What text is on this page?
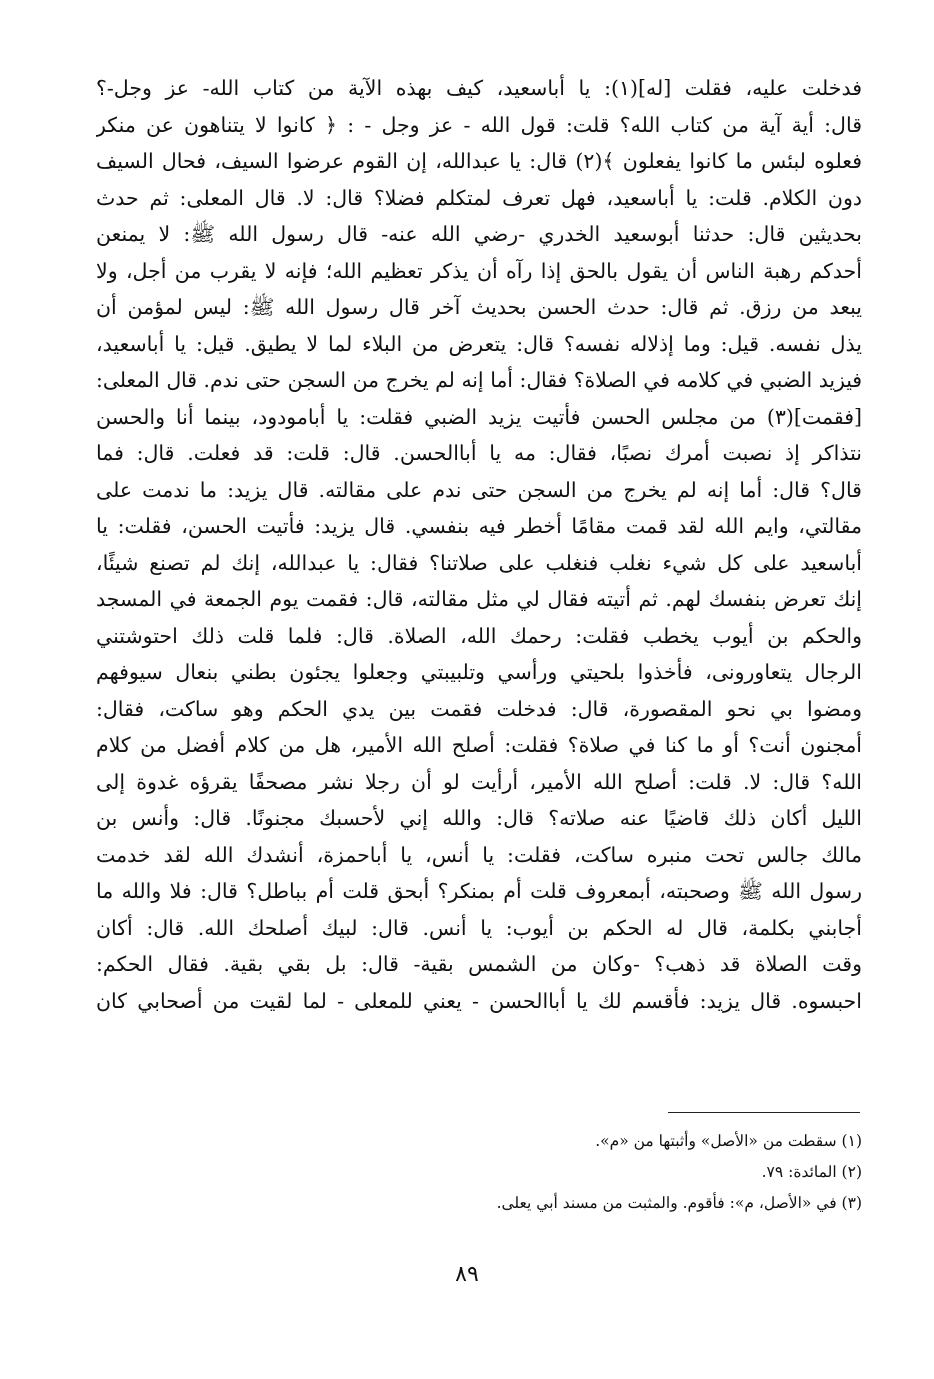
فدخلت عليه، فقلت [له](١): يا أباسعيد، كيف بهذه الآية من كتاب الله- عز وجل-؟
قال: أية آية من كتاب الله؟ قلت: قول الله - عز وجل - : ﴿ كانوا لا يتناهون عن منكر
فعلوه لبئس ما كانوا يفعلون ﴾(٢) قال: يا عبدالله، إن القوم عرضوا السيف، فحال السيف
دون الكلام. قلت: يا أباسعيد، فهل تعرف لمتكلم فضلا؟ قال: لا. قال المعلى: ثم حدث
بحديثين قال: حدثنا أبوسعيد الخدري -رضي الله عنه- قال رسول الله ﷺ: لا يمنعن
أحدكم رهبة الناس أن يقول بالحق إذا رآه أن يذكر تعظيم الله؛ فإنه لا يقرب من أجل، ولا
يبعد من رزق. ثم قال: حدث الحسن بحديث آخر قال رسول الله ﷺ: ليس لمؤمن أن
يذل نفسه. قيل: وما إذلاله نفسه؟ قال: يتعرض من البلاء لما لا يطيق. قيل: يا أباسعيد،
فيزيد الضبي في كلامه في الصلاة؟ فقال: أما إنه لم يخرج من السجن حتى ندم. قال المعلى:
[فقمت](٣) من مجلس الحسن فأتيت يزيد الضبي فقلت: يا أبامودود، بينما أنا والحسن
نتذاكر إذ نصبت أمرك نصبًا، فقال: مه يا أباالحسن. قال: قلت: قد فعلت. قال: فما
قال؟ قال: أما إنه لم يخرج من السجن حتى ندم على مقالته. قال يزيد: ما ندمت على
مقالتي، وايم الله لقد قمت مقامًا أخطر فيه بنفسي. قال يزيد: فأتيت الحسن، فقلت: يا
أباسعيد على كل شيء نغلب فنغلب على صلاتنا؟ فقال: يا عبدالله، إنك لم تصنع شيئًا،
إنك تعرض بنفسك لهم. ثم أتيته فقال لي مثل مقالته، قال: فقمت يوم الجمعة في المسجد
والحكم بن أيوب يخطب فقلت: رحمك الله، الصلاة. قال: فلما قلت ذلك احتوشتني
الرجال يتعاورونی، فأخذوا بلحيتي ورأسي وتلبيبتي وجعلوا يجئون بطني بنعال سيوفهم
ومضوا بي نحو المقصورة، قال: فدخلت فقمت بين يدي الحكم وهو ساكت، فقال:
أمجنون أنت؟ أو ما كنا في صلاة؟ فقلت: أصلح الله الأمير، هل من كلام أفضل من كلام
الله؟ قال: لا. قلت: أصلح الله الأمير، أرأيت لو أن رجلا نشر مصحفًا يقرؤه غدوة إلى
الليل أكان ذلك قاضيًا عنه صلاته؟ قال: والله إني لأحسبك مجنونًا. قال: وأنس بن
مالك جالس تحت منبره ساكت، فقلت: يا أنس، يا أباحمزة، أنشدك الله لقد خدمت
رسول الله ﷺ وصحبته، أبمعروف قلت أم بمنكر؟ أبحق قلت أم بباطل؟ قال: فلا والله ما
أجابني بكلمة، قال له الحكم بن أيوب: يا أنس. قال: لبيك أصلحك الله. قال: أكان
وقت الصلاة قد ذهب؟ -وكان من الشمس بقية- قال: بل بقي بقية. فقال الحكم:
احبسوه. قال يزيد: فأقسم لك يا أباالحسن - يعني للمعلى - لما لقيت من أصحابي كان
(١) سقطت من «الأصل» وأثبتها من «م».
(٢) المائدة: ٧٩.
(٣) في «الأصل، م»: فأقوم. والمثبت من مسند أبي يعلى.
٨٩
